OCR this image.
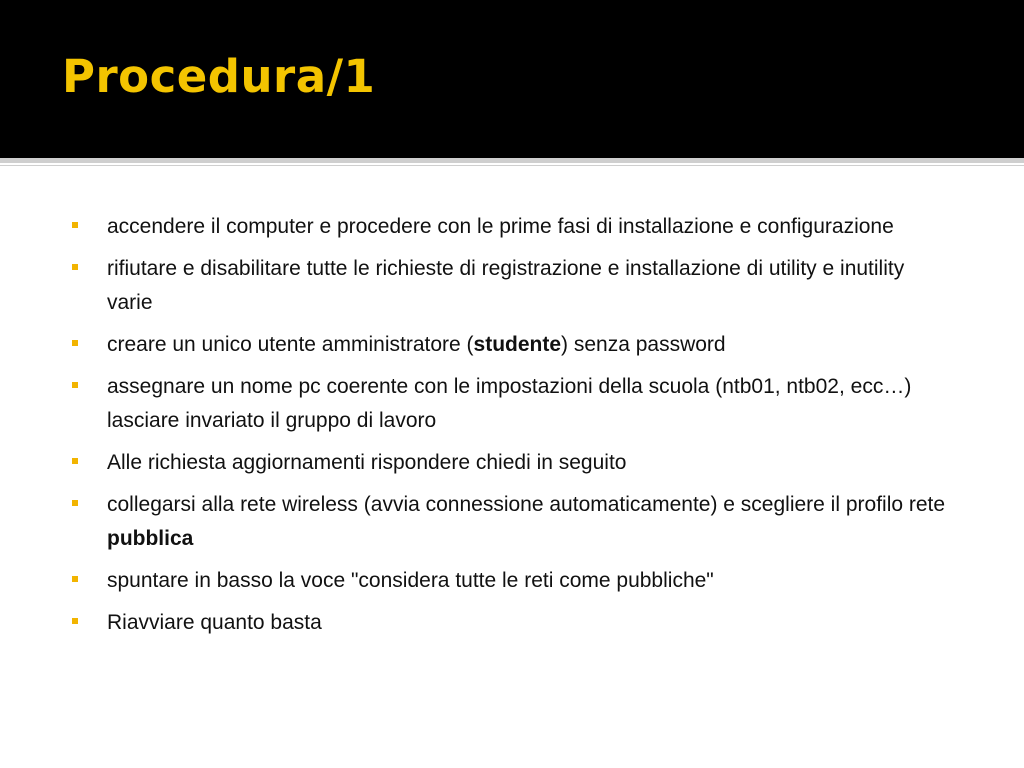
Procedura/1
accendere il computer e procedere con le prime fasi di installazione e configurazione
rifiutare e disabilitare tutte le richieste di registrazione e installazione di utility e inutility varie
creare un unico utente amministratore (studente) senza password
assegnare un nome pc coerente con le impostazioni della scuola (ntb01, ntb02, ecc…) lasciare invariato il gruppo di lavoro
Alle richiesta aggiornamenti rispondere chiedi in seguito
collegarsi alla rete wireless (avvia connessione automaticamente) e scegliere il profilo rete pubblica
spuntare in basso la voce "considera tutte le reti come pubbliche"
Riavviare quanto basta
